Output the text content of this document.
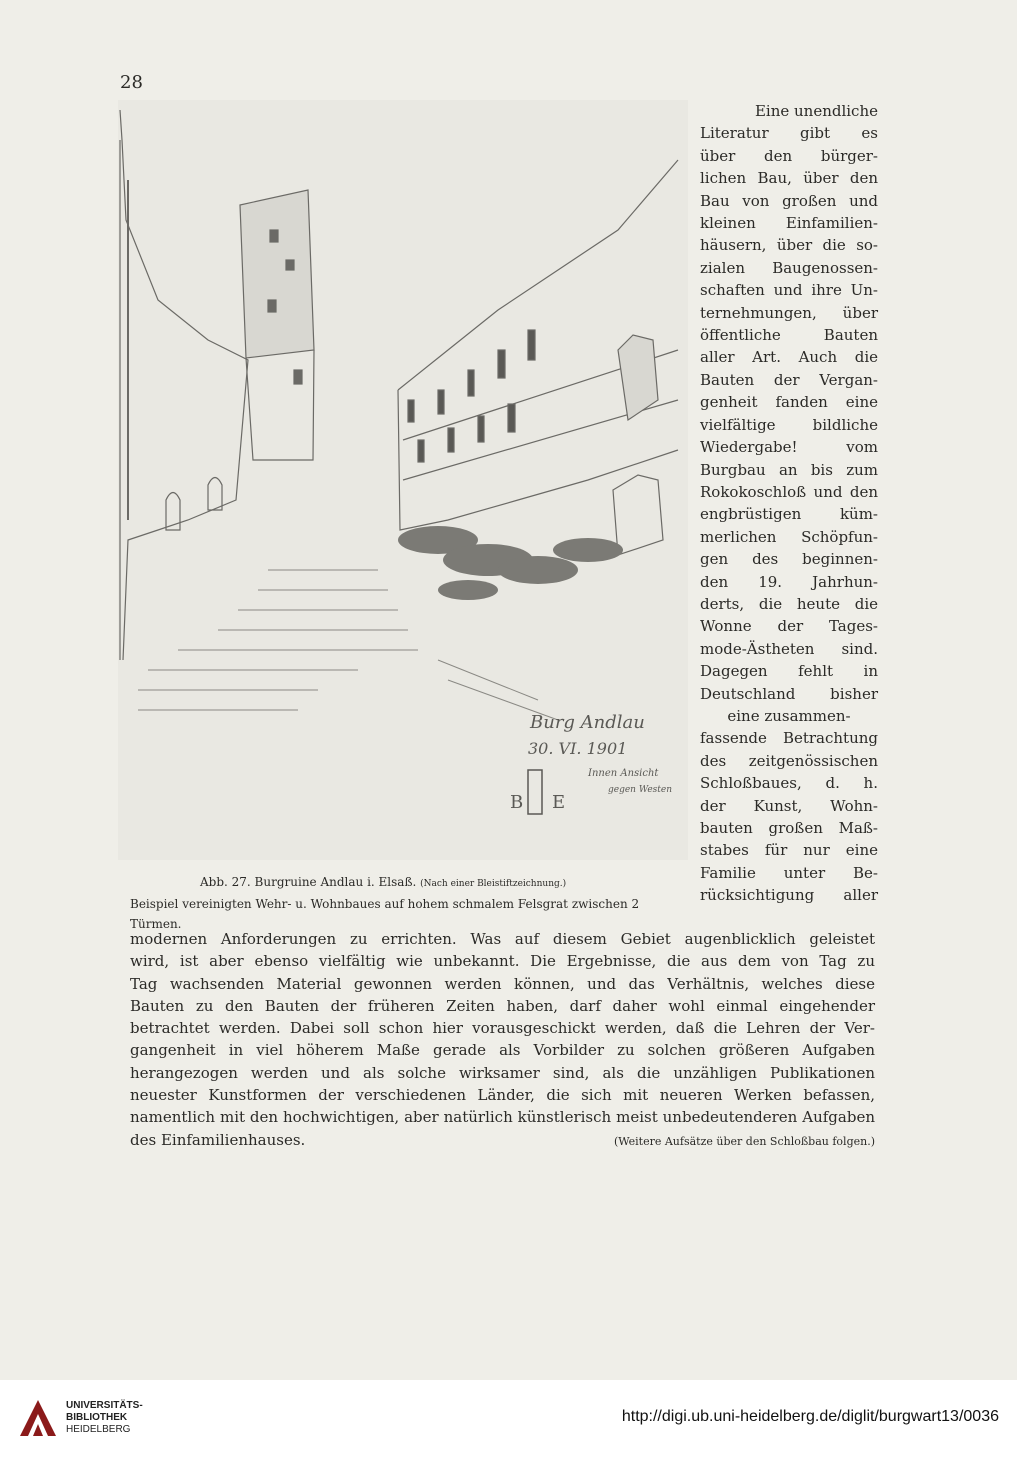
28
Burg Andlau
30. VI. 1901
Innen Ansicht
gegen Westen
B E
Abb. 27. Burgruine Andlau i. Elsaß. (Nach einer Bleistiftzeichnung.)
Beispiel vereinigten Wehr- u. Wohnbaues auf hohem schmalem Felsgrat zwischen 2 Türmen.
Eine unendliche
Literatur gibt es
über den bürger-
lichen Bau, über den
Bau von großen und
kleinen Einfamilien-
häusern, über die so-
zialen Baugenossen-
schaften und ihre Un-
ternehmungen, über
öffentliche Bauten
aller Art. Auch die
Bauten der Vergan-
genheit fanden eine
vielfältige bildliche
Wiedergabe! vom
Burgbau an bis zum
Rokokoschloß und den
engbrüstigen küm-
merlichen Schöpfun-
gen des beginnen-
den 19. Jahrhun-
derts, die heute die
Wonne der Tages-
mode-Ästheten sind.
Dagegen fehlt in
Deutschland bisher
eine zusammen-
fassende Betrachtung
des zeitgenössischen
Schloßbaues, d. h.
der Kunst, Wohn-
bauten großen Maß-
stabes für nur eine
Familie unter Be-
rücksichtigung aller
modernen Anforderungen zu errichten. Was auf diesem Gebiet augenblicklich geleistet
wird, ist aber ebenso vielfältig wie unbekannt. Die Ergebnisse, die aus dem von Tag zu
Tag wachsenden Material gewonnen werden können, und das Verhältnis, welches diese
Bauten zu den Bauten der früheren Zeiten haben, darf daher wohl einmal eingehender
betrachtet werden. Dabei soll schon hier vorausgeschickt werden, daß die Lehren der Ver-
gangenheit in viel höherem Maße gerade als Vorbilder zu solchen größeren Aufgaben
herangezogen werden und als solche wirksamer sind, als die unzähligen Publikationen
neuester Kunstformen der verschiedenen Länder, die sich mit neueren Werken befassen,
namentlich mit den hochwichtigen, aber natürlich künstlerisch meist unbedeutenderen Aufgaben
des Einfamilienhauses.	(Weitere Aufsätze über den Schloßbau folgen.)
UNIVERSITÄTS-
BIBLIOTHEK
HEIDELBERG
http://digi.ub.uni-heidelberg.de/diglit/burgwart13/0036
